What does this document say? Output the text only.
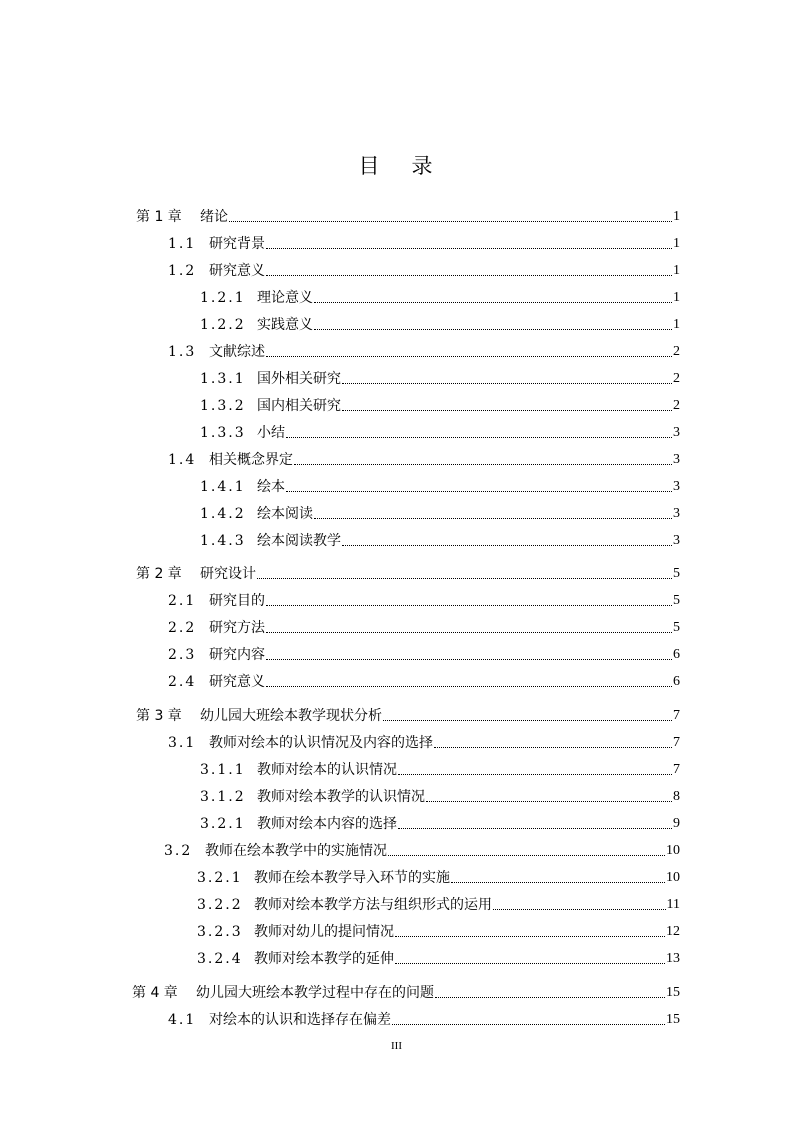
目 录
第 1 章	绪论	1
1.1 研究背景	1
1.2 研究意义	1
1.2.1 理论意义	1
1.2.2 实践意义	1
1.3 文献综述	2
1.3.1 国外相关研究	2
1.3.2 国内相关研究	2
1.3.3 小结	3
1.4 相关概念界定	3
1.4.1 绘本	3
1.4.2 绘本阅读	3
1.4.3 绘本阅读教学	3
第 2 章	研究设计	5
2.1 研究目的	5
2.2 研究方法	5
2.3 研究内容	6
2.4 研究意义	6
第 3 章	幼儿园大班绘本教学现状分析	7
3.1 教师对绘本的认识情况及内容的选择	7
3.1.1 教师对绘本的认识情况	7
3.1.2 教师对绘本教学的认识情况	8
3.2.1 教师对绘本内容的选择	9
3.2 教师在绘本教学中的实施情况	10
3.2.1 教师在绘本教学导入环节的实施	10
3.2.2 教师对绘本教学方法与组织形式的运用	11
3.2.3 教师对幼儿的提问情况	12
3.2.4 教师对绘本教学的延伸	13
第 4 章	幼儿园大班绘本教学过程中存在的问题	15
4.1 对绘本的认识和选择存在偏差	15
III
